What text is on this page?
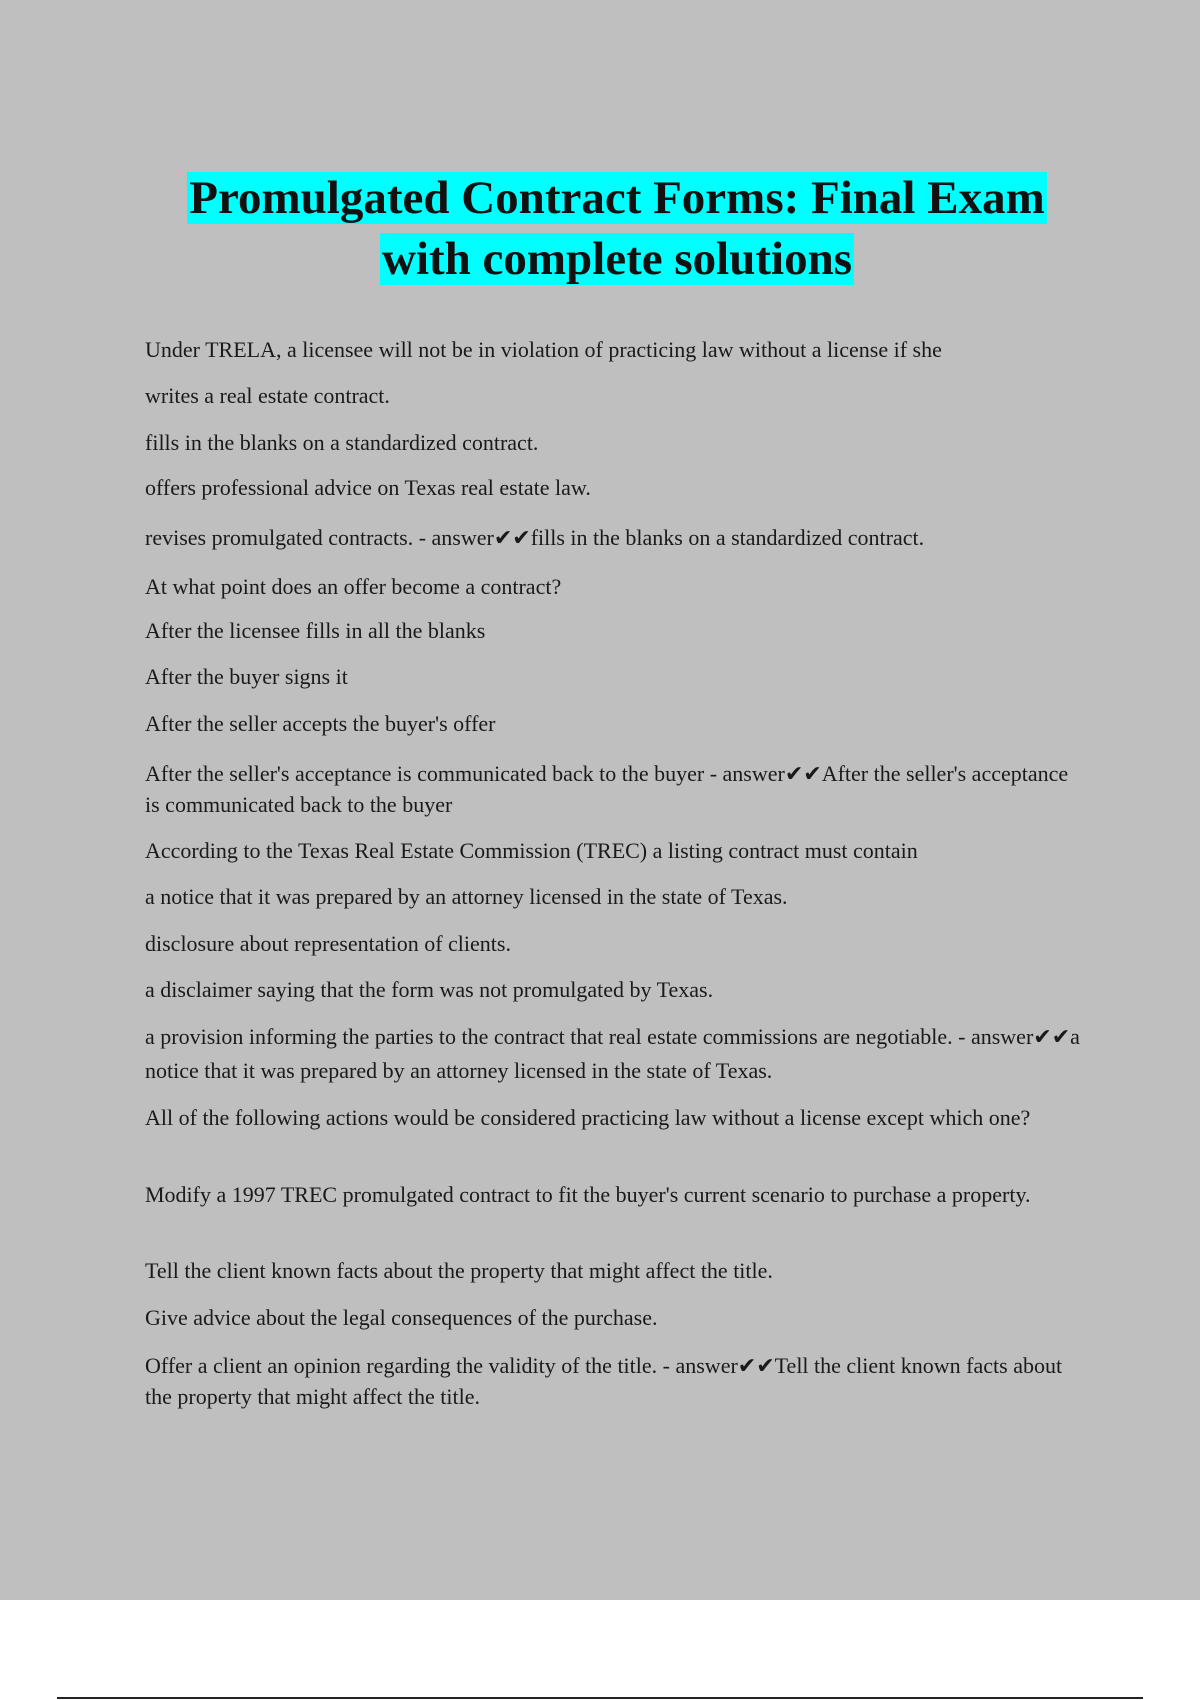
Promulgated Contract Forms: Final Exam
with complete solutions
Under TRELA, a licensee will not be in violation of practicing law without a license if she
writes a real estate contract.
fills in the blanks on a standardized contract.
offers professional advice on Texas real estate law.
revises promulgated contracts. - answer✔✔fills in the blanks on a standardized contract.
At what point does an offer become a contract?
After the licensee fills in all the blanks
After the buyer signs it
After the seller accepts the buyer's offer
After the seller's acceptance is communicated back to the buyer - answer✔✔After the seller's acceptance is communicated back to the buyer
According to the Texas Real Estate Commission (TREC) a listing contract must contain
a notice that it was prepared by an attorney licensed in the state of Texas.
disclosure about representation of clients.
a disclaimer saying that the form was not promulgated by Texas.
a provision informing the parties to the contract that real estate commissions are negotiable. - answer✔✔a notice that it was prepared by an attorney licensed in the state of Texas.
All of the following actions would be considered practicing law without a license except which one?
Modify a 1997 TREC promulgated contract to fit the buyer's current scenario to purchase a property.
Tell the client known facts about the property that might affect the title.
Give advice about the legal consequences of the purchase.
Offer a client an opinion regarding the validity of the title. - answer✔✔Tell the client known facts about the property that might affect the title.
